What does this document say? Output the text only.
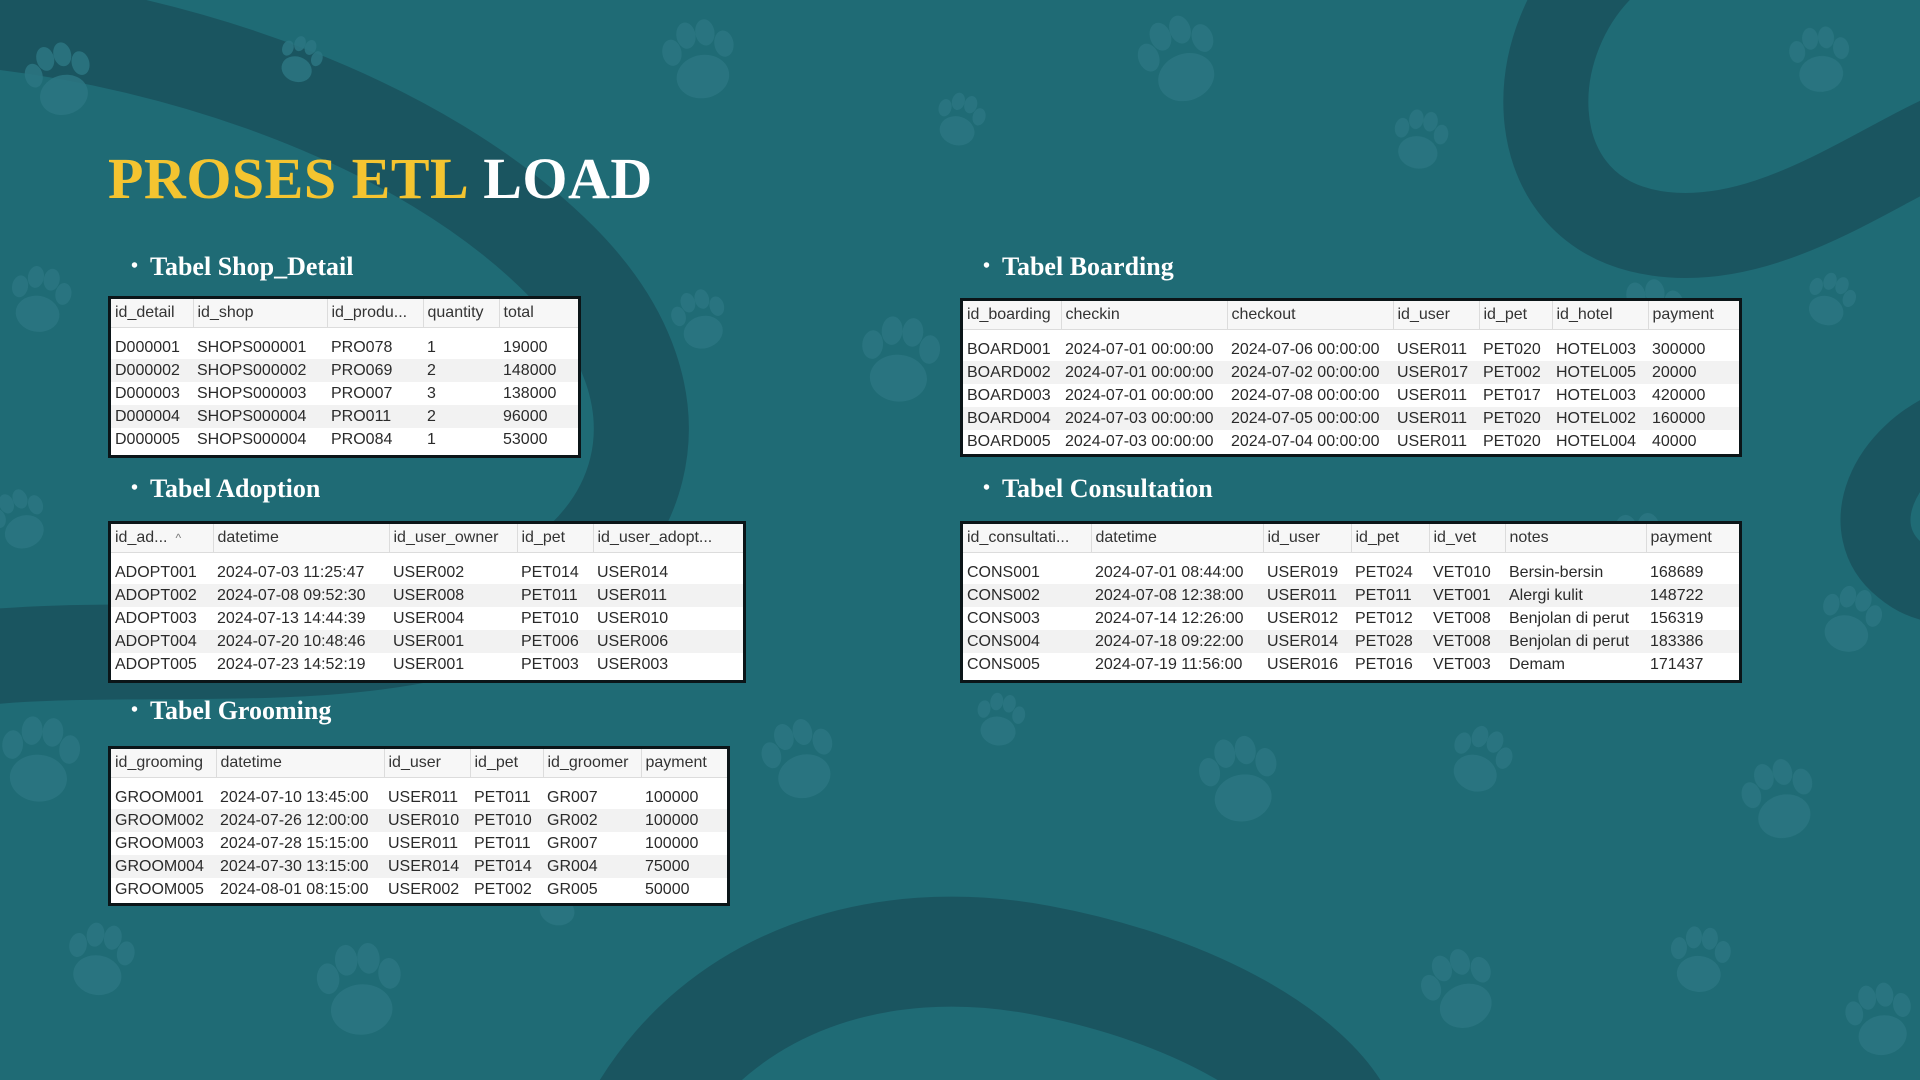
PROSES ETL LOAD
• Tabel Shop_Detail
• Tabel Adoption
• Tabel Grooming
• Tabel Boarding
• Tabel Consultation
id_detail	id_shop	id_produ...	quantity	total

D000001	SHOPS000001	PRO078	1	19000
D000002	SHOPS000002	PRO069	2	148000
D000003	SHOPS000003	PRO007	3	138000
D000004	SHOPS000004	PRO011	2	96000
D000005	SHOPS000004	PRO084	1	53000
id_ad... ^	datetime	id_user_owner	id_pet	id_user_adopt...

ADOPT001	2024-07-03 11:25:47	USER002	PET014	USER014
ADOPT002	2024-07-08 09:52:30	USER008	PET011	USER011
ADOPT003	2024-07-13 14:44:39	USER004	PET010	USER010
ADOPT004	2024-07-20 10:48:46	USER001	PET006	USER006
ADOPT005	2024-07-23 14:52:19	USER001	PET003	USER003
id_grooming	datetime	id_user	id_pet	id_groomer	payment

GROOM001	2024-07-10 13:45:00	USER011	PET011	GR007	100000
GROOM002	2024-07-26 12:00:00	USER010	PET010	GR002	100000
GROOM003	2024-07-28 15:15:00	USER011	PET011	GR007	100000
GROOM004	2024-07-30 13:15:00	USER014	PET014	GR004	75000
GROOM005	2024-08-01 08:15:00	USER002	PET002	GR005	50000
id_boarding	checkin	checkout	id_user	id_pet	id_hotel	payment

BOARD001	2024-07-01 00:00:00	2024-07-06 00:00:00	USER011	PET020	HOTEL003	300000
BOARD002	2024-07-01 00:00:00	2024-07-02 00:00:00	USER017	PET002	HOTEL005	20000
BOARD003	2024-07-01 00:00:00	2024-07-08 00:00:00	USER011	PET017	HOTEL003	420000
BOARD004	2024-07-03 00:00:00	2024-07-05 00:00:00	USER011	PET020	HOTEL002	160000
BOARD005	2024-07-03 00:00:00	2024-07-04 00:00:00	USER011	PET020	HOTEL004	40000
id_consultati...	datetime	id_user	id_pet	id_vet	notes	payment

CONS001	2024-07-01 08:44:00	USER019	PET024	VET010	Bersin-bersin	168689
CONS002	2024-07-08 12:38:00	USER011	PET011	VET001	Alergi kulit	148722
CONS003	2024-07-14 12:26:00	USER012	PET012	VET008	Benjolan di perut	156319
CONS004	2024-07-18 09:22:00	USER014	PET028	VET008	Benjolan di perut	183386
CONS005	2024-07-19 11:56:00	USER016	PET016	VET003	Demam	171437
